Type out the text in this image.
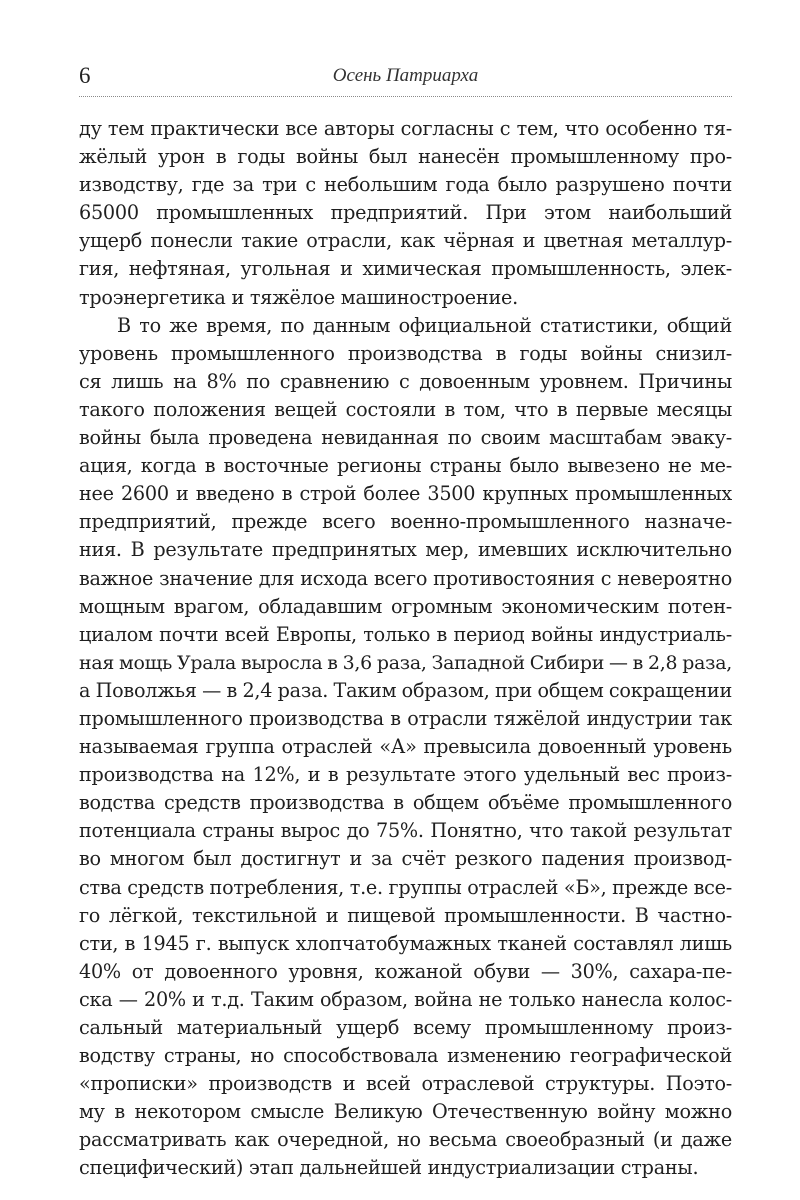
6	Осень Патриарха

ду тем практически все авторы согласны с тем, что особенно тя-
жёлый урон в годы войны был нанесён промышленному про-
изводству, где за три с небольшим года было разрушено почти
65000 промышленных предприятий. При этом наибольший
ущерб понесли такие отрасли, как чёрная и цветная металлур-
гия, нефтяная, угольная и химическая промышленность, элек-
троэнергетика и тяжёлое машиностроение.

В то же время, по данным официальной статистики, общий
уровень промышленного производства в годы войны снизил-
ся лишь на 8% по сравнению с довоенным уровнем. Причины
такого положения вещей состояли в том, что в первые месяцы
войны была проведена невиданная по своим масштабам эваку-
ация, когда в восточные регионы страны было вывезено не ме-
нее 2600 и введено в строй более 3500 крупных промышленных
предприятий, прежде всего военно-промышленного назначе-
ния. В результате предпринятых мер, имевших исключительно
важное значение для исхода всего противостояния с невероятно
мощным врагом, обладавшим огромным экономическим потен-
циалом почти всей Европы, только в период войны индустриаль-
ная мощь Урала выросла в 3,6 раза, Западной Сибири — в 2,8 раза,
а Поволжья — в 2,4 раза. Таким образом, при общем сокращении
промышленного производства в отрасли тяжёлой индустрии так
называемая группа отраслей «А» превысила довоенный уровень
производства на 12%, и в результате этого удельный вес произ-
водства средств производства в общем объёме промышленного
потенциала страны вырос до 75%. Понятно, что такой результат
во многом был достигнут и за счёт резкого падения производ-
ства средств потребления, т.е. группы отраслей «Б», прежде все-
го лёгкой, текстильной и пищевой промышленности. В частно-
сти, в 1945 г. выпуск хлопчатобумажных тканей составлял лишь
40% от довоенного уровня, кожаной обуви — 30%, сахара-пе-
ска — 20% и т.д. Таким образом, война не только нанесла колос-
сальный материальный ущерб всему промышленному произ-
водству страны, но способствовала изменению географической
«прописки» производств и всей отраслевой структуры. Поэто-
му в некотором смысле Великую Отечественную войну можно
рассматривать как очередной, но весьма своеобразный (и даже
специфический) этап дальнейшей индустриализации страны.
